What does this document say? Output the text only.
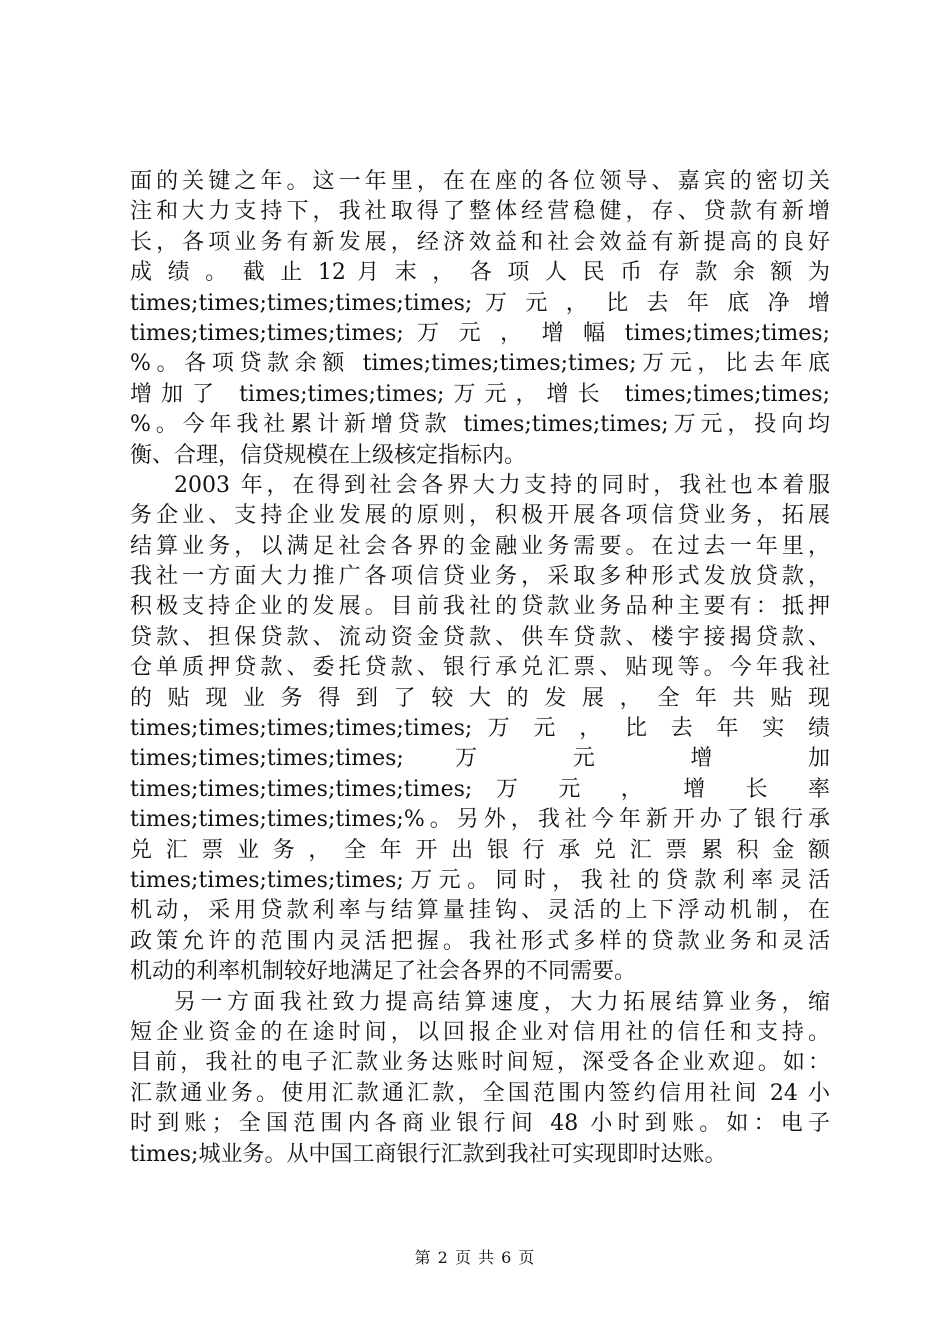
面的关键之年。这一年里，在在座的各位领导、嘉宾的密切关
注和大力支持下，我社取得了整体经营稳健，存、贷款有新增
长，各项业务有新发展，经济效益和社会效益有新提高的良好
成 绩 。 截 止 12 月 末 ， 各 项 人 民 币 存 款 余 额 为
times;times;times;times;times; 万 元 ， 比 去 年 底 净 增
times;times;times;times; 万 元 ， 增 幅 times;times;times;
%。各项贷款余额 times;times;times;times;万元，比去年底
增加了 times;times;times;万元，增长 times;times;times;
%。今年我社累计新增贷款 times;times;times;万元，投向均
衡、合理，信贷规模在上级核定指标内。
2003 年，在得到社会各界大力支持的同时，我社也本着服
务企业、支持企业发展的原则，积极开展各项信贷业务，拓展
结算业务，以满足社会各界的金融业务需要。在过去一年里，
我社一方面大力推广各项信贷业务，采取多种形式发放贷款，
积极支持企业的发展。目前我社的贷款业务品种主要有：抵押
贷款、担保贷款、流动资金贷款、供车贷款、楼宇接揭贷款、
仓单质押贷款、委托贷款、银行承兑汇票、贴现等。今年我社
的 贴 现 业 务 得 到 了 较 大 的 发 展 ， 全 年 共 贴 现
times;times;times;times;times; 万 元 ， 比 去 年 实 绩
times;times;times;times; 万 元 增 加
times;times;times;times;times; 万 元 ， 增 长 率
times;times;times;times;%。另外，我社今年新开办了银行承
兑 汇 票 业 务 ， 全 年 开 出 银 行 承 兑 汇 票 累 积 金 额
times;times;times;times;万元。同时，我社的贷款利率灵活
机动，采用贷款利率与结算量挂钩、灵活的上下浮动机制，在
政策允许的范围内灵活把握。我社形式多样的贷款业务和灵活
机动的利率机制较好地满足了社会各界的不同需要。
另一方面我社致力提高结算速度，大力拓展结算业务，缩
短企业资金的在途时间，以回报企业对信用社的信任和支持。
目前，我社的电子汇款业务达账时间短，深受各企业欢迎。如：
汇款通业务。使用汇款通汇款，全国范围内签约信用社间 24 小
时到账；全国范围内各商业银行间 48 小时到账。如：电子
times;城业务。从中国工商银行汇款到我社可实现即时达账。
第 2 页 共 6 页
